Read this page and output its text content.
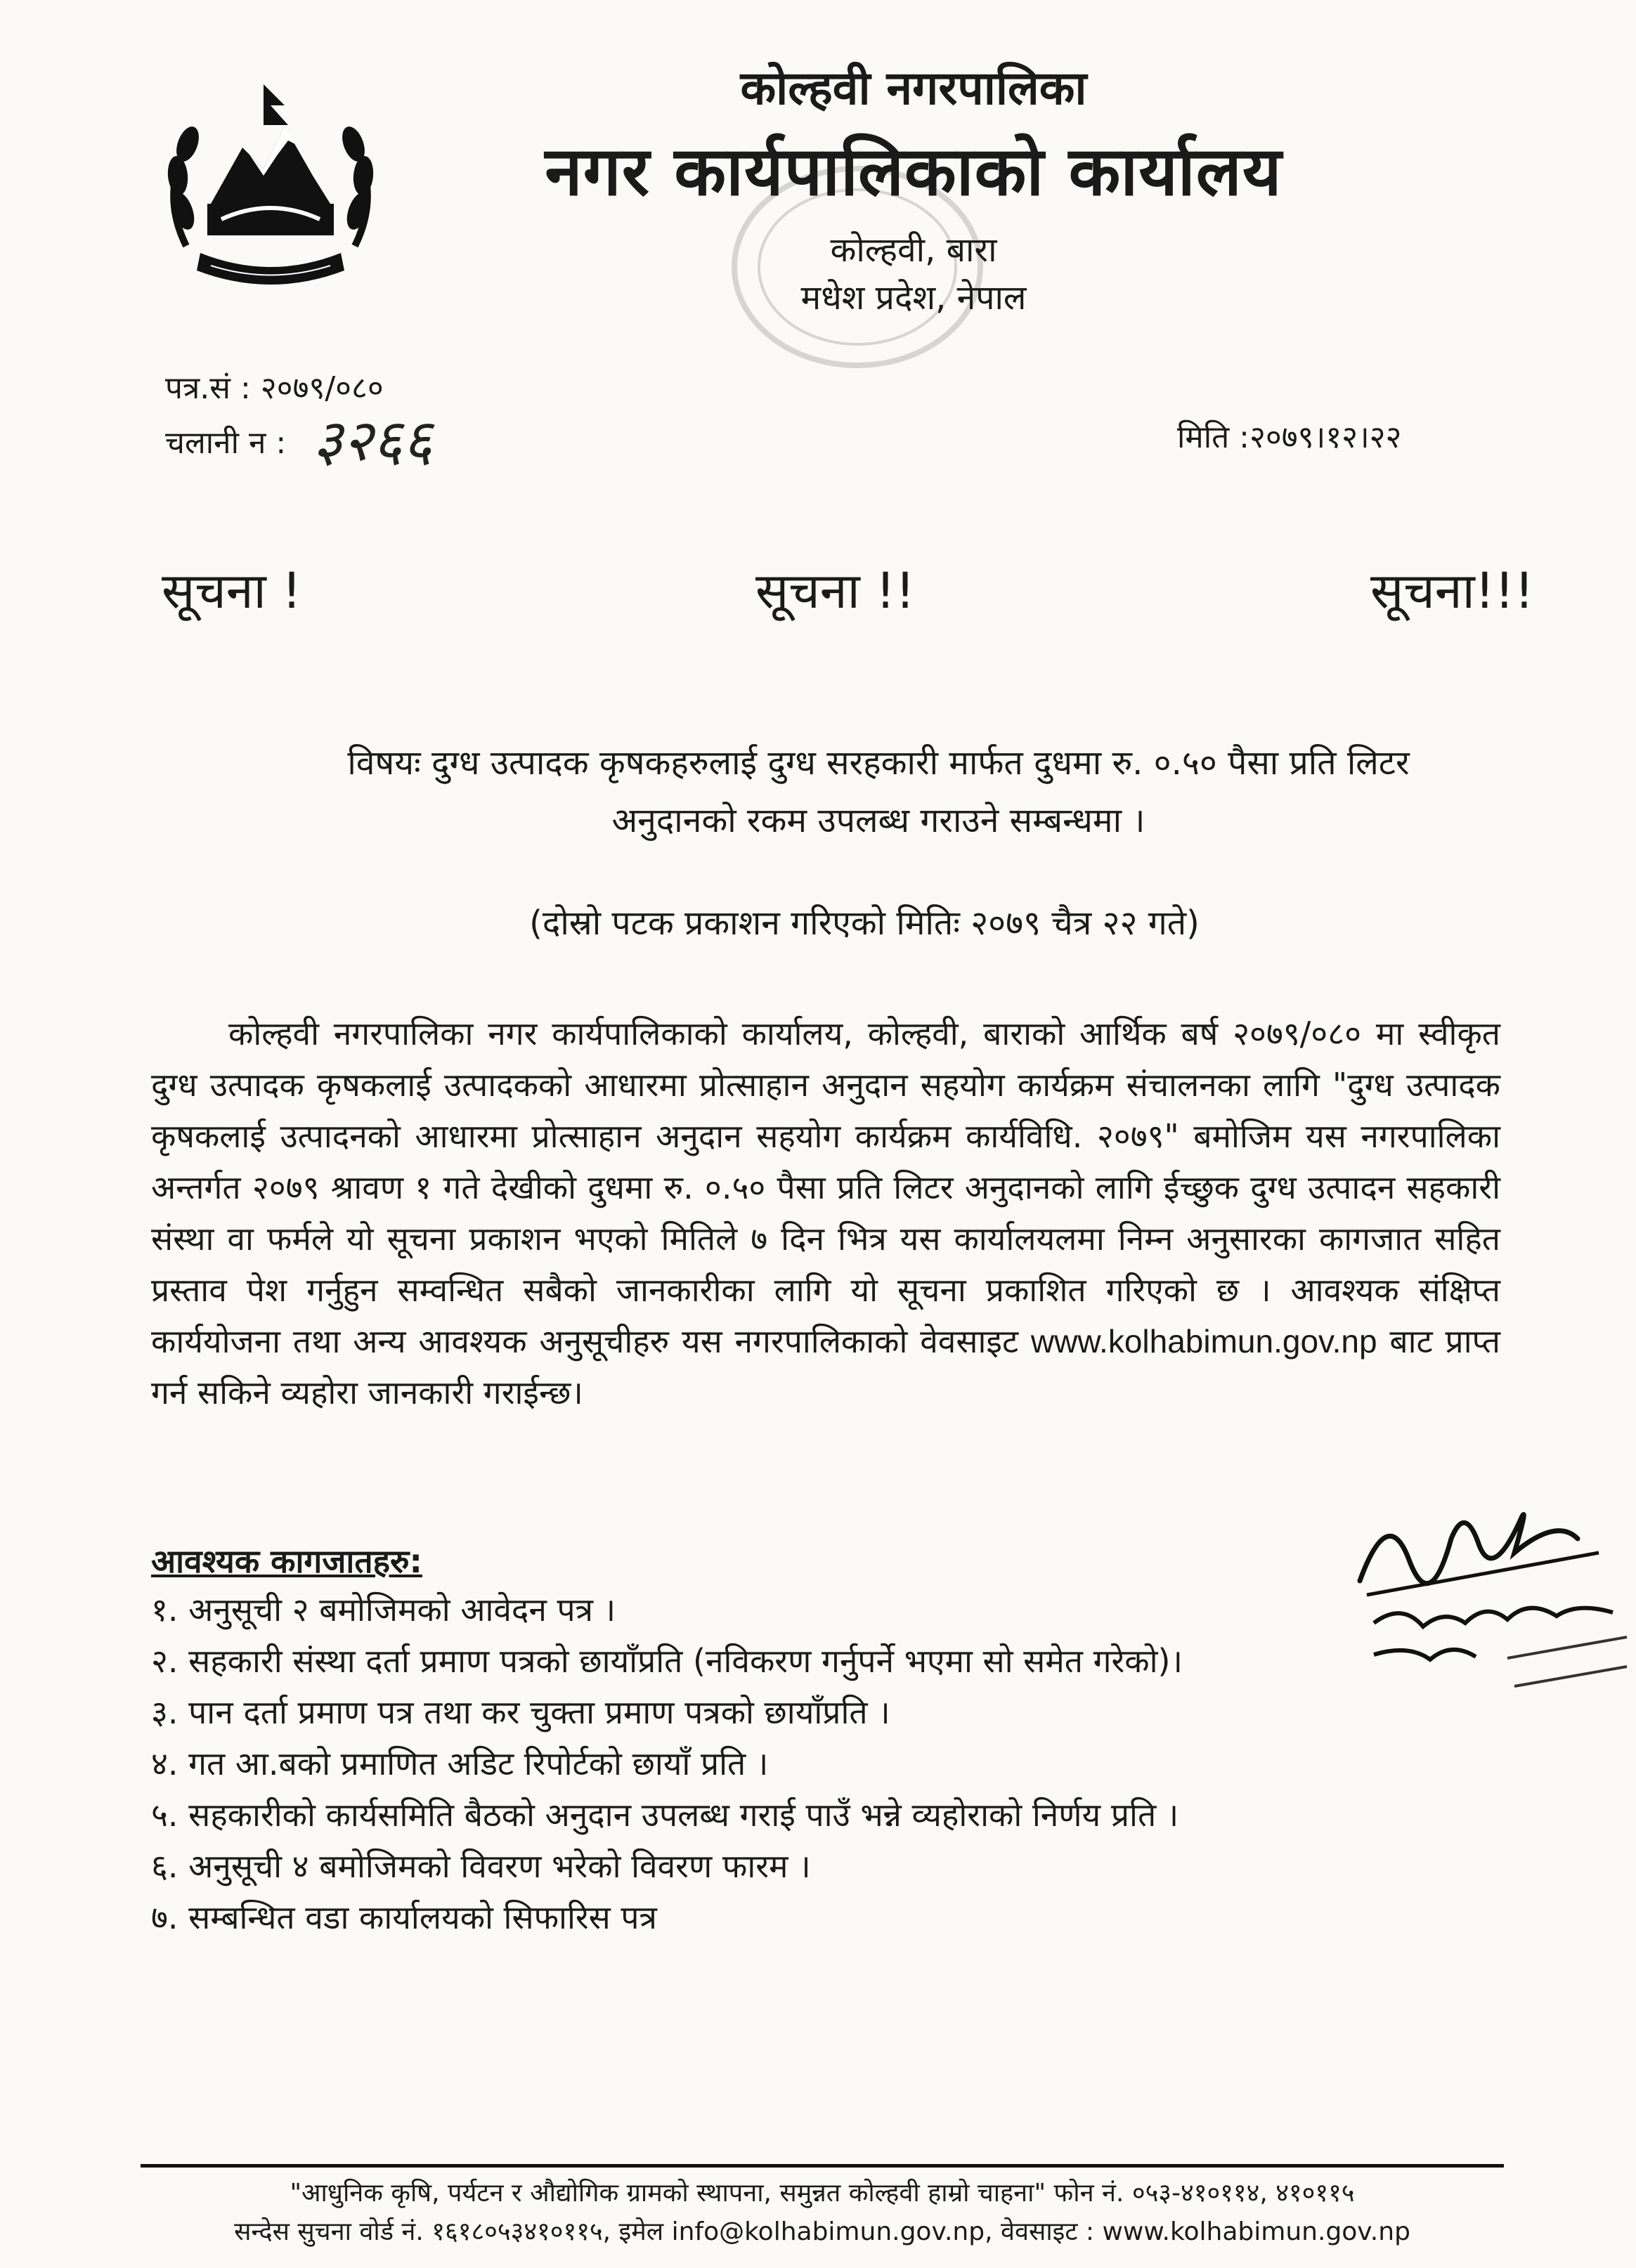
कोल्हवी नगरपालिका
नगर कार्यपालिकाको कार्यालय
कोल्हवी, बारा
मधेश प्रदेश, नेपाल
पत्र.सं : २०७९/०८०
चलानी न : ३२६६	मिति :२०७९।१२।२२
सूचना !	सूचना !!	सूचना!!!
विषयः दुग्ध उत्पादक कृषकहरुलाई दुग्ध सरहकारी मार्फत दुधमा रु. ०.५० पैसा प्रति लिटर
अनुदानको रकम उपलब्ध गराउने सम्बन्धमा ।
(दोस्रो पटक प्रकाशन गरिएको मितिः २०७९ चैत्र २२ गते)
कोल्हवी नगरपालिका नगर कार्यपालिकाको कार्यालय, कोल्हवी, बाराको आर्थिक बर्ष २०७९/०८० मा स्वीकृत दुग्ध उत्पादक कृषकलाई उत्पादकको आधारमा प्रोत्साहान अनुदान सहयोग कार्यक्रम संचालनका लागि "दुग्ध उत्पादक कृषकलाई उत्पादनको आधारमा प्रोत्साहान अनुदान सहयोग कार्यक्रम कार्यविधि. २०७९" बमोजिम यस नगरपालिका अन्तर्गत २०७९ श्रावण १ गते देखीको दुधमा रु. ०.५० पैसा प्रति लिटर अनुदानको लागि ईच्छुक दुग्ध उत्पादन सहकारी संस्था वा फर्मले यो सूचना प्रकाशन भएको मितिले ७ दिन भित्र यस कार्यालयलमा निम्न अनुसारका कागजात सहित प्रस्ताव पेश गर्नुहुन सम्वन्धित सबैको जानकारीका लागि यो सूचना प्रकाशित गरिएको छ । आवश्यक संक्षिप्त कार्ययोजना तथा अन्य आवश्यक अनुसूचीहरु यस नगरपालिकाको वेवसाइट www.kolhabimun.gov.np बाट प्राप्त गर्न सकिने व्यहोरा जानकारी गराईन्छ।
आवश्यक कागजातहरु:
१. अनुसूची २ बमोजिमको आवेदन पत्र ।
२. सहकारी संस्था दर्ता प्रमाण पत्रको छायाँप्रति (नविकरण गर्नुपर्ने भएमा सो समेत गरेको)।
३. पान दर्ता प्रमाण पत्र तथा कर चुक्ता प्रमाण पत्रको छायाँप्रति ।
४. गत आ.बको प्रमाणित अडिट रिपोर्टको छायाँ प्रति ।
५. सहकारीको कार्यसमिति बैठको अनुदान उपलब्ध गराई पाउँ भन्ने व्यहोराको निर्णय प्रति ।
६. अनुसूची ४ बमोजिमको विवरण भरेको विवरण फारम ।
७. सम्बन्धित वडा कार्यालयको सिफारिस पत्र
"आधुनिक कृषि, पर्यटन र औद्योगिक ग्रामको स्थापना, समुन्नत कोल्हवी हाम्रो चाहना" फोन नं. ०५३-४१०११४, ४१०११५
सन्देस सुचना वोर्ड नं. १६१८०५३४१०११५, इमेल info@kolhabimun.gov.np, वेवसाइट : www.kolhabimun.gov.np
